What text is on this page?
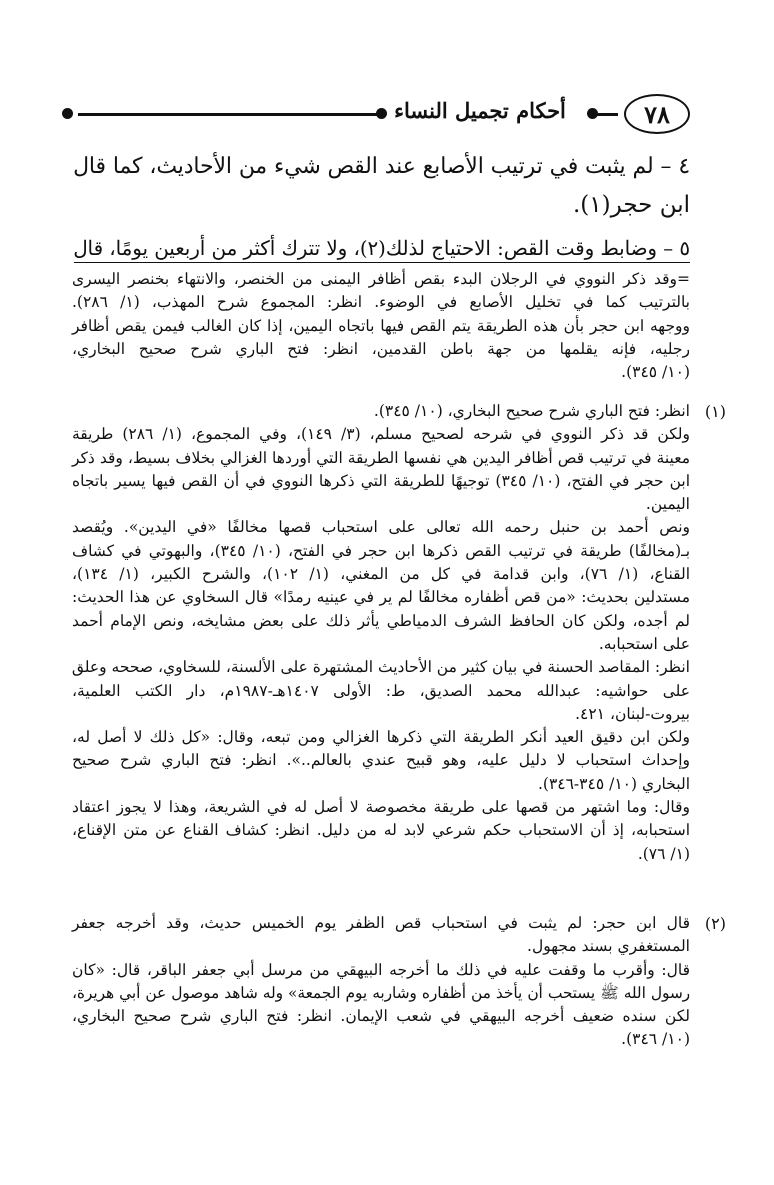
٧٨
أحكام تجميل النساء
٤ – لم يثبت في ترتيب الأصابع عند القص شيء من الأحاديث، كما قال
ابن حجر(١).
٥ – وضابط وقت القص: الاحتياج لذلك(٢)، ولا تترك أكثر من أربعين يومًا، قال
=وقد ذكر النووي في الرجلان البدء بقص أظافر اليمنى من الخنصر، والانتهاء بخنصر اليسرى
بالترتيب كما في تخليل الأصابع في الوضوء. انظر: المجموع شرح المهذب، (١/ ٢٨٦).
ووجهه ابن حجر بأن هذه الطريقة يتم القص فيها باتجاه اليمين، إذا كان الغالب فيمن يقص أظافر
رجليه، فإنه يقلمها من جهة باطن القدمين، انظر: فتح الباري شرح صحيح البخاري،
(١٠/ ٣٤٥).
(١)
انظر: فتح الباري شرح صحيح البخاري، (١٠/ ٣٤٥).
ولكن قد ذكر النووي في شرحه لصحيح مسلم، (٣/ ١٤٩)، وفي المجموع، (١/ ٢٨٦) طريقة
معينة في ترتيب قص أظافر اليدين هي نفسها الطريقة التي أوردها الغزالي بخلاف بسيط، وقد ذكر
ابن حجر في الفتح، (١٠/ ٣٤٥) توجيهًا للطريقة التي ذكرها النووي في أن القص فيها يسير باتجاه
اليمين.
ونص أحمد بن حنبل رحمه الله تعالى على استحباب قصها مخالفًا «في اليدين». ويُقصد
بـ(مخالفًا) طريقة في ترتيب القص ذكرها ابن حجر في الفتح، (١٠/ ٣٤٥)، والبهوتي في كشاف
القناع، (١/ ٧٦)، وابن قدامة في كل من المغني، (١/ ١٠٢)، والشرح الكبير، (١/ ١٣٤)،
مستدلين بحديث: «من قص أظفاره مخالفًا لم ير في عينيه رمدًا» قال السخاوي عن هذا الحديث:
لم أجده، ولكن كان الحافظ الشرف الدمياطي يأثر ذلك على بعض مشايخه، ونص الإمام أحمد
على استحبابه.
انظر: المقاصد الحسنة في بيان كثير من الأحاديث المشتهرة على الألسنة، للسخاوي، صححه وعلق
على حواشيه: عبدالله محمد الصديق، ط: الأولى ١٤٠٧هـ-١٩٨٧م، دار الكتب العلمية،
بيروت-لبنان، ٤٢١.
ولكن ابن دقيق العيد أنكر الطريقة التي ذكرها الغزالي ومن تبعه، وقال: «كل ذلك لا أصل له،
وإحداث استحباب لا دليل عليه، وهو قبيح عندي بالعالم..». انظر: فتح الباري شرح صحيح
البخاري (١٠/ ٣٤٥-٣٤٦).
وقال: وما اشتهر من قصها على طريقة مخصوصة لا أصل له في الشريعة، وهذا لا يجوز اعتقاد
استحبابه، إذ أن الاستحباب حكم شرعي لابد له من دليل. انظر: كشاف القناع عن متن الإقناع،
(١/ ٧٦).
(٢)
قال ابن حجر: لم يثبت في استحباب قص الظفر يوم الخميس حديث، وقد أخرجه جعفر
المستغفري بسند مجهول.
قال: وأقرب ما وقفت عليه في ذلك ما أخرجه البيهقي من مرسل أبي جعفر الباقر، قال: «كان
رسول الله ﷺ يستحب أن يأخذ من أظفاره وشاربه يوم الجمعة» وله شاهد موصول عن أبي هريرة،
لكن سنده ضعيف أخرجه البيهقي في شعب الإيمان. انظر: فتح الباري شرح صحيح البخاري،
(١٠/ ٣٤٦).
